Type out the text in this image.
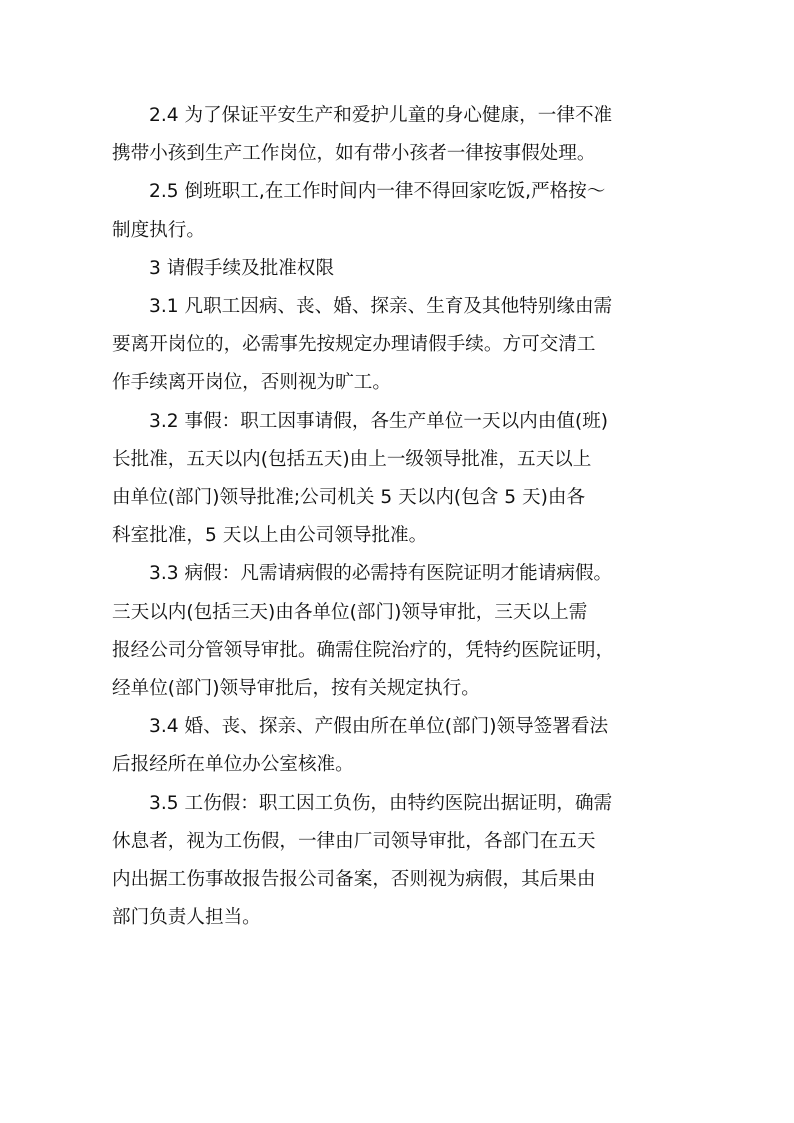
2.4 为了保证平安生产和爱护儿童的身心健康，一律不准
携带小孩到生产工作岗位，如有带小孩者一律按事假处理。

2.5 倒班职工,在工作时间内一律不得回家吃饭,严格按～
制度执行。

3 请假手续及批准权限

3.1 凡职工因病、丧、婚、探亲、生育及其他特别缘由需
要离开岗位的，必需事先按规定办理请假手续。方可交清工
作手续离开岗位，否则视为旷工。

3.2 事假：职工因事请假，各生产单位一天以内由值(班)
长批准，五天以内(包括五天)由上一级领导批准，五天以上
由单位(部门)领导批准;公司机关 5 天以内(包含 5 天)由各
科室批准，5 天以上由公司领导批准。

3.3 病假：凡需请病假的必需持有医院证明才能请病假。
三天以内(包括三天)由各单位(部门)领导审批，三天以上需
报经公司分管领导审批。确需住院治疗的，凭特约医院证明，
经单位(部门)领导审批后，按有关规定执行。

3.4 婚、丧、探亲、产假由所在单位(部门)领导签署看法
后报经所在单位办公室核准。

3.5 工伤假：职工因工负伤，由特约医院出据证明，确需
休息者，视为工伤假，一律由厂司领导审批，各部门在五天
内出据工伤事故报告报公司备案，否则视为病假，其后果由
部门负责人担当。
